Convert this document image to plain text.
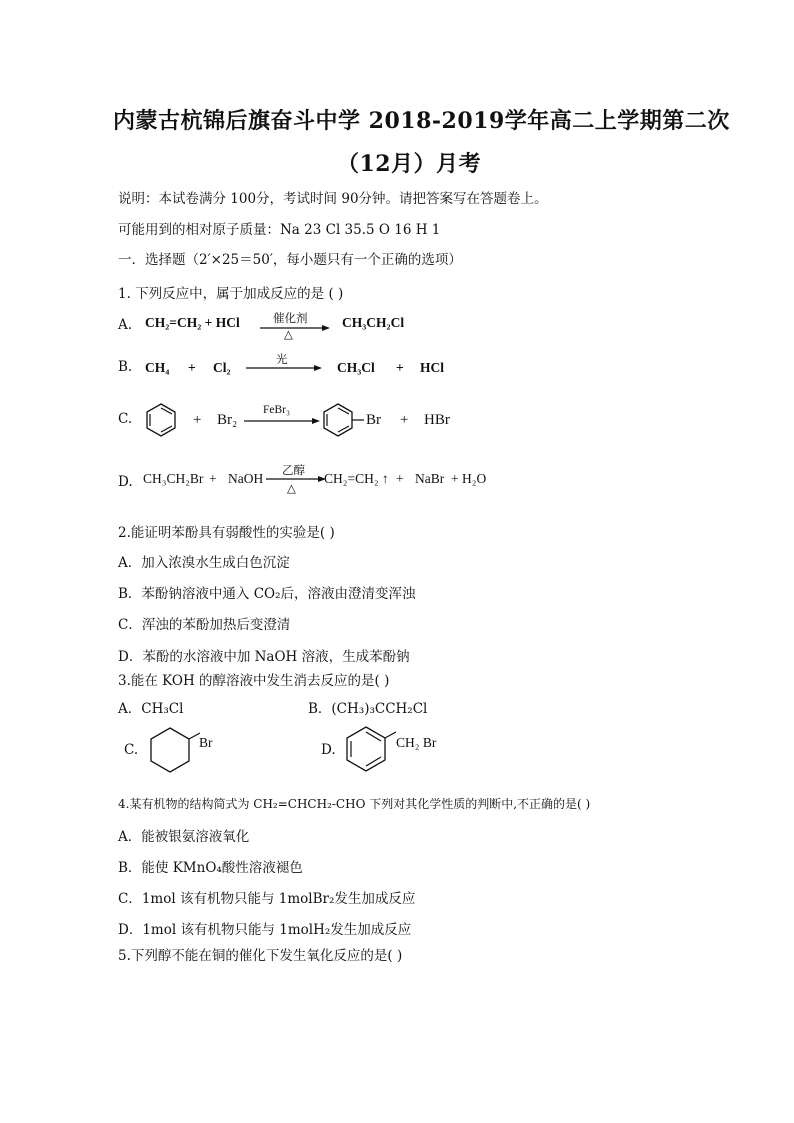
内蒙古杭锦后旗奋斗中学 2018-2019学年高二上学期第二次
（12月）月考
说明：本试卷满分 100分，考试时间 90分钟。请把答案写在答题卷上。
可能用到的相对原子质量：Na 23 Cl 35.5 O 16 H 1
一．选择题（2′×25＝50′，每小题只有一个正确的选项）
1. 下列反应中，属于加成反应的是 ( )
A. CH₂=CH₂ + HCl	催化剂
△
CH₃CH₂Cl
B. CH₄ + Cl₂
光
CH₃Cl + HCl
C.	+ Br₂
FeBr₃
Br + HBr
D. CH₃CH₂Br + NaOH
乙醇
△
CH₂=CH₂ ↑ + NaBr + H₂O
2.能证明苯酚具有弱酸性的实验是( )
A．加入浓溴水生成白色沉淀
B．苯酚钠溶液中通入 CO₂后，溶液由澄清变浑浊
C．浑浊的苯酚加热后变澄清
D．苯酚的水溶液中加 NaOH 溶液，生成苯酚钠
3.能在 KOH 的醇溶液中发生消去反应的是( )
A．CH₃Cl	B．(CH₃)₃CCH₂Cl
C.	Br	D.	CH₂ Br
4.某有机物的结构简式为 CH₂=CHCH₂-CHO 下列对其化学性质的判断中,不正确的是( )
A．能被银氨溶液氧化
B．能使 KMnO₄酸性溶液褪色
C．1mol 该有机物只能与 1molBr₂发生加成反应
D．1mol 该有机物只能与 1molH₂发生加成反应
5.下列醇不能在铜的催化下发生氧化反应的是( )
